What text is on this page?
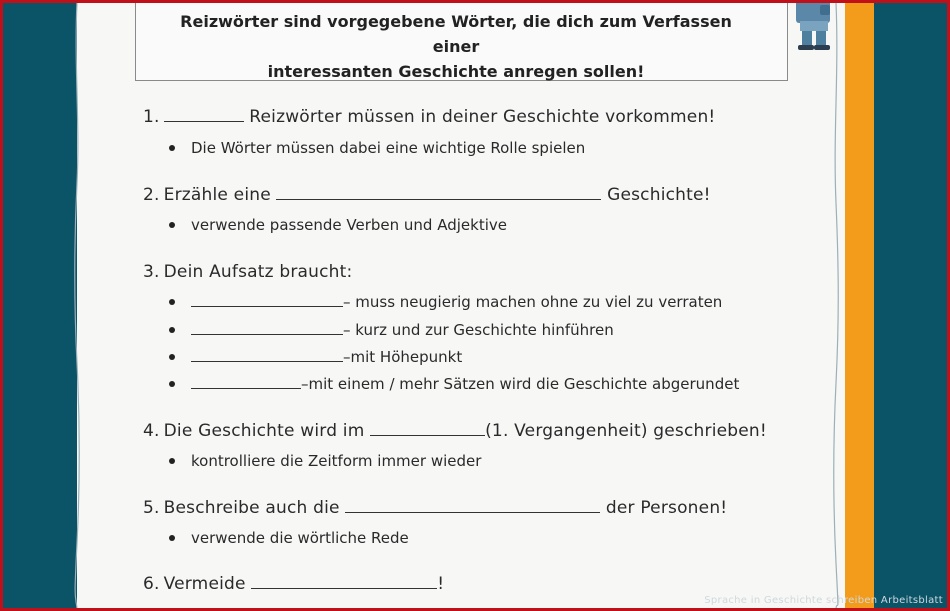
Reizwörter sind vorgegebene Wörter, die dich zum Verfassen einer
interessanten Geschichte anregen sollen!
1.	Reizwörter müssen in deiner Geschichte vorkommen!
Die Wörter müssen dabei eine wichtige Rolle spielen
2. Erzähle eine	Geschichte!
verwende passende Verben und Adjektive
3. Dein Aufsatz braucht:
– muss neugierig machen ohne zu viel zu verraten
– kurz und zur Geschichte hinführen
–mit Höhepunkt
–mit einem / mehr Sätzen wird die Geschichte abgerundet
4. Die Geschichte wird im	(1. Vergangenheit) geschrieben!
kontrolliere die Zeitform immer wieder
5. Beschreibe auch die	der Personen!
verwende die wörtliche Rede
6. Vermeide	!
Sprache in Geschichte schreiben Arbeitsblatt
